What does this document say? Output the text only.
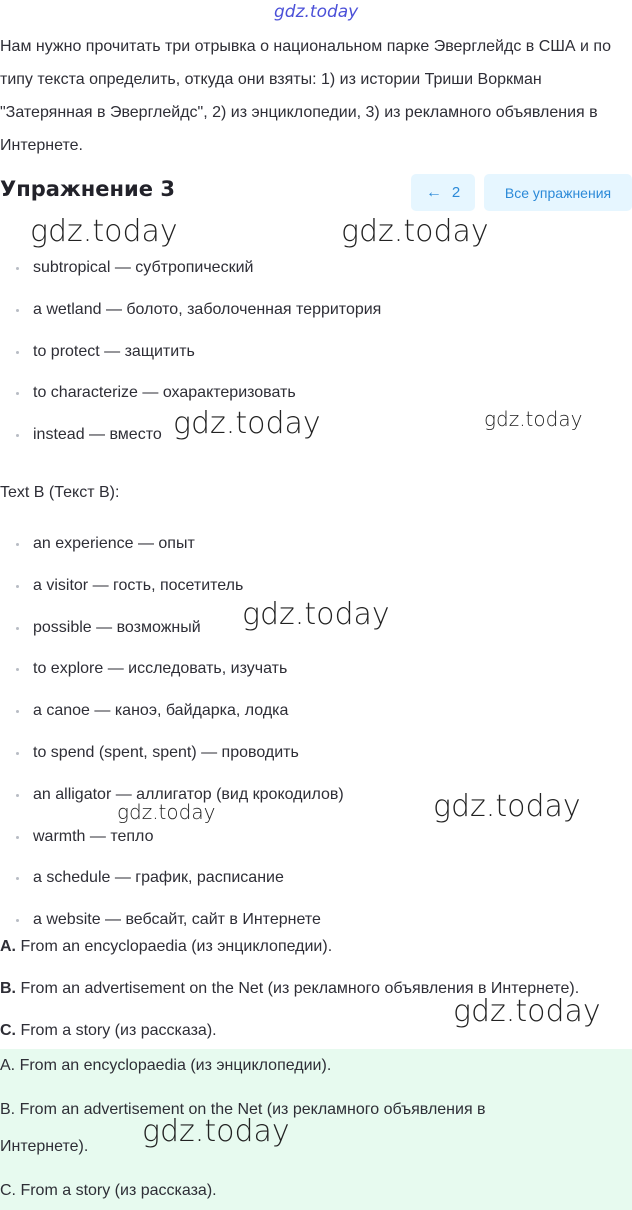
gdz.today
gdz.today	gdz.today
gdz.today	gdz.today
gdz.today
gdz.today	gdz.today
gdz.today
gdz.today

Нам нужно прочитать три отрывка о национальном парке Эверглейдс в США и по типу текста определить, откуда они взяты: 1) из истории Триши Воркман "Затерянная в Эверглейдс", 2) из энциклопедии, 3) из рекламного объявления в Интернете.

Упражнение 3	← 2	Все упражнения
subtropical — субтропический
a wetland — болото, заболоченная территория
to protect — защитить
to characterize — охарактеризовать
instead — вместо

Text B (Текст B):

an experience — опыт
a visitor — гость, посетитель
possible — возможный
to explore — исследовать, изучать
a canoe — каноэ, байдарка, лодка
to spend (spent, spent) — проводить
an alligator — аллигатор (вид крокодилов)
warmth — тепло
a schedule — график, расписание
a website — вебсайт, сайт в Интернете

A. From an encyclopaedia (из энциклопедии).

B. From an advertisement on the Net (из рекламного объявления в Интернете).

C. From a story (из рассказа).

A. From an encyclopaedia (из энциклопедии).

B. From an advertisement on the Net (из рекламного объявления в

Интернете).

C. From a story (из рассказа).
